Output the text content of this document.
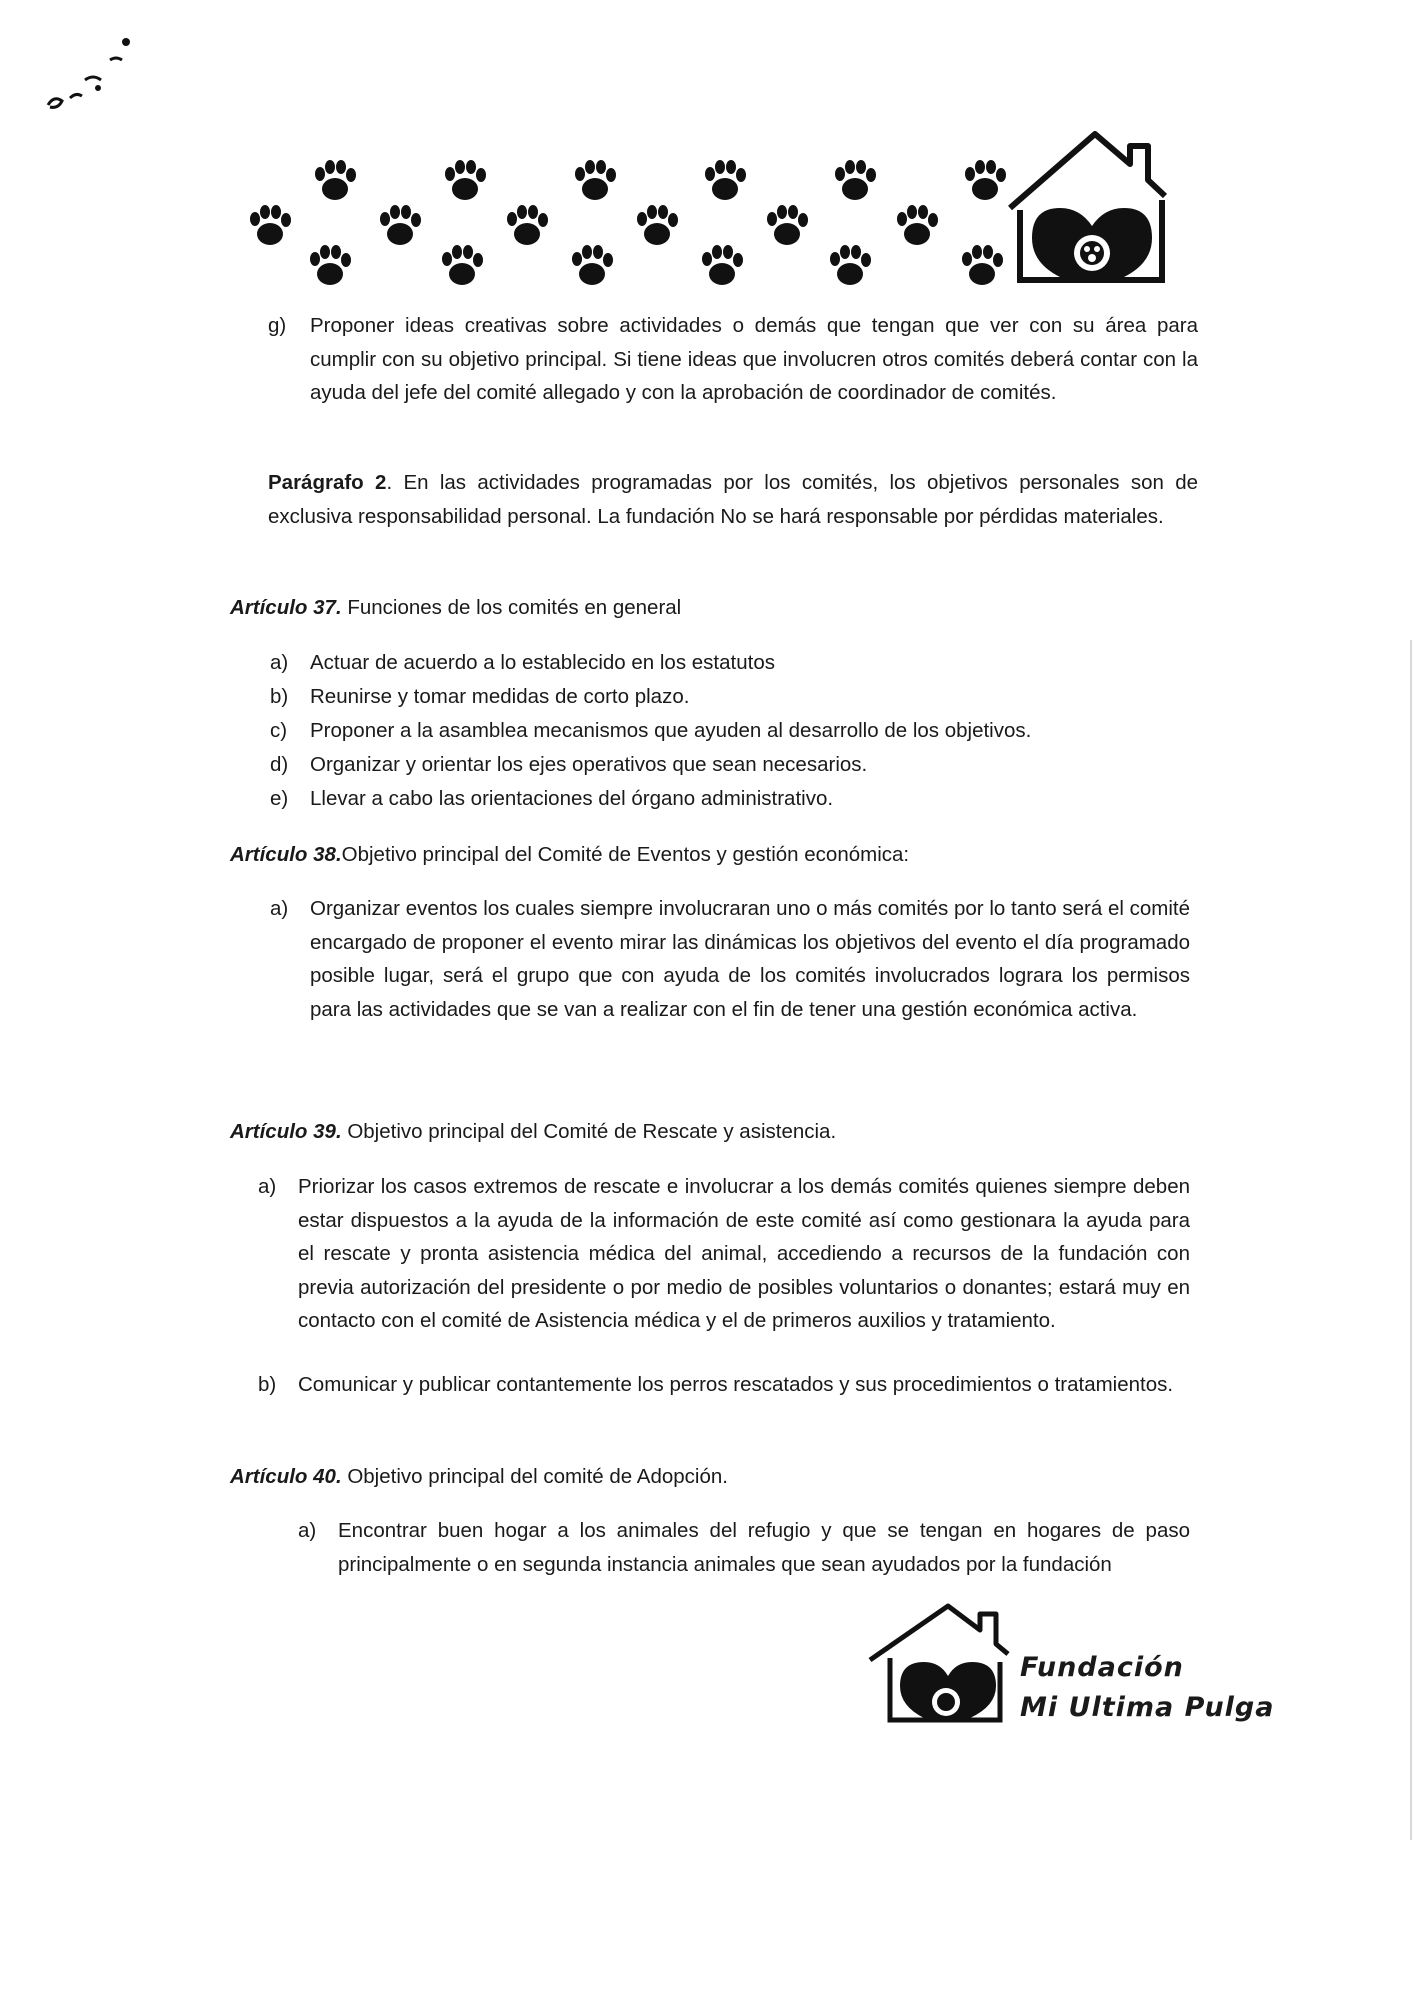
g)	Proponer ideas creativas sobre actividades o demás que tengan que ver con su área para cumplir con su objetivo principal. Si tiene ideas que involucren otros comités deberá contar con la ayuda del jefe del comité allegado y con la aprobación de coordinador de comités.
Parágrafo 2. En las actividades programadas por los comités, los objetivos personales son de exclusiva responsabilidad personal. La fundación No se hará responsable por pérdidas materiales.
Artículo 37. Funciones de los comités en general
a)	Actuar de acuerdo a lo establecido en los estatutos
b)	Reunirse y tomar medidas de corto plazo.
c)	Proponer a la asamblea mecanismos que ayuden al desarrollo de los objetivos.
d)	Organizar y orientar los ejes operativos que sean necesarios.
e)	Llevar a cabo las orientaciones del órgano administrativo.
Artículo 38.Objetivo principal del Comité de Eventos y gestión económica:
a)	Organizar eventos los cuales siempre involucraran uno o más comités por lo tanto será el comité encargado de proponer el evento mirar las dinámicas los objetivos del evento el día programado posible lugar, será el grupo que con ayuda de los comités involucrados lograra los permisos para las actividades que se van a realizar con el fin de tener una gestión económica activa.
Artículo 39. Objetivo principal del Comité de Rescate y asistencia.
a)	Priorizar los casos extremos de rescate e involucrar a los demás comités quienes siempre deben estar dispuestos a la ayuda de la información de este comité así como gestionara la ayuda para el rescate y pronta asistencia médica del animal, accediendo a recursos de la fundación con previa autorización del presidente o por medio de posibles voluntarios o donantes; estará muy en contacto con el comité de Asistencia médica y el de primeros auxilios y tratamiento.
b)	Comunicar y publicar contantemente los perros rescatados y sus procedimientos o tratamientos.
Artículo 40. Objetivo principal del comité de Adopción.
a)	Encontrar buen hogar a los animales del refugio y que se tengan en hogares de paso principalmente o en segunda instancia animales que sean ayudados por la fundación
Fundación
Mi Ultima Pulga
